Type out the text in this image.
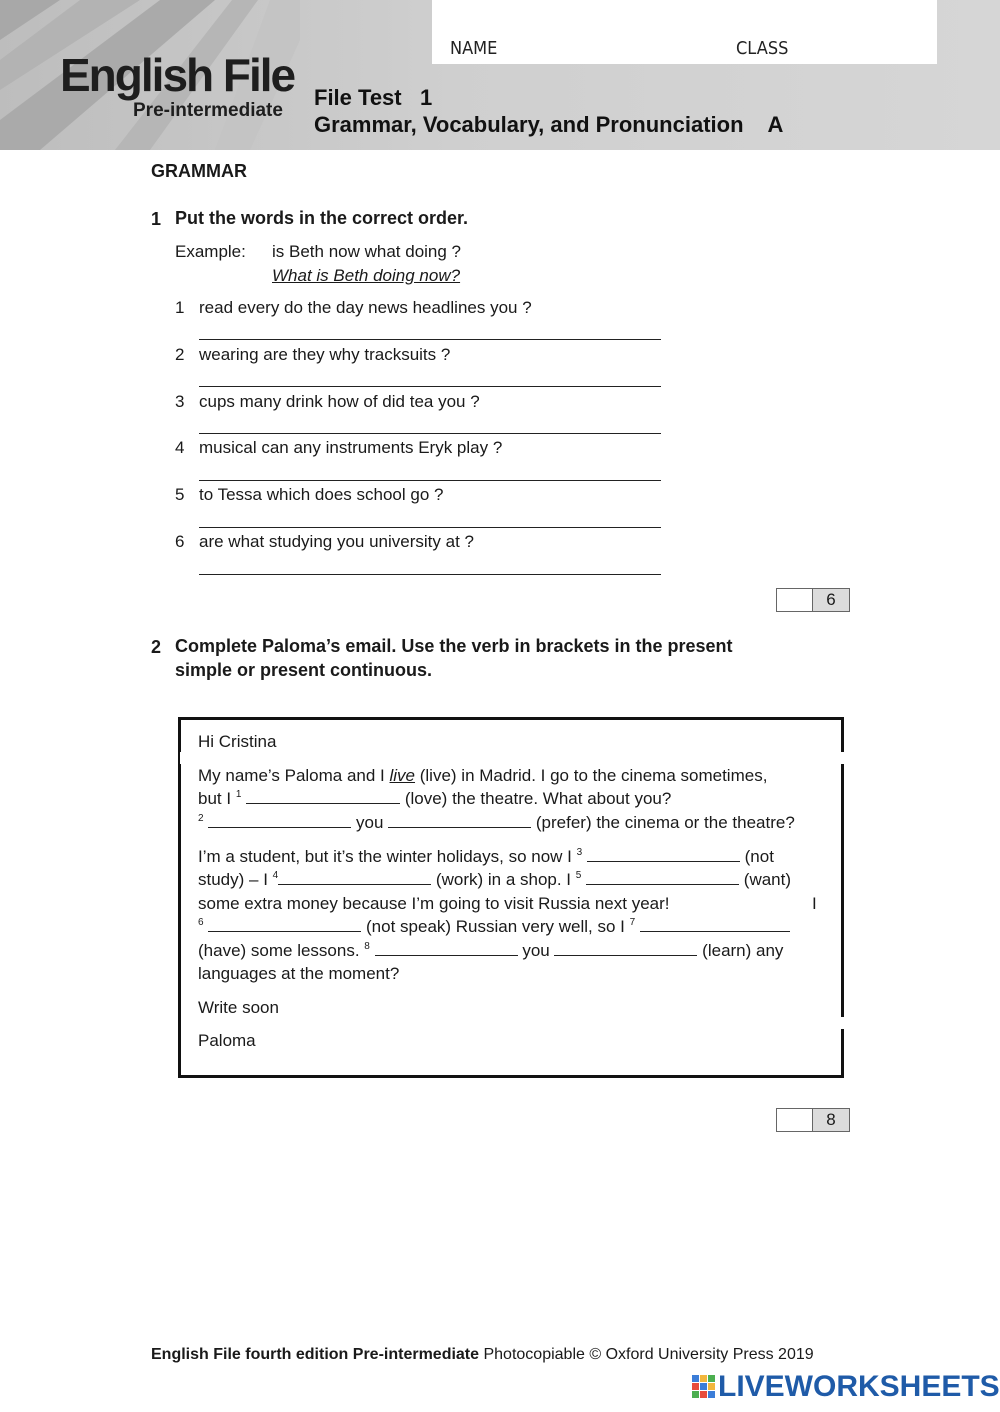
English File
Pre-intermediate
NAME	CLASS
File Test   1
Grammar, Vocabulary, and Pronunciation A
GRAMMAR
1 Put the words in the correct order.
Example: is Beth now what doing ?
What is Beth doing now?
1 read every do the day news headlines you ?
2 wearing are they why tracksuits ?
3 cups many drink how of did tea you ?
4 musical can any instruments Eryk play ?
5 to Tessa which does school go ?
6 are what studying you university at ?
6
2 Complete Paloma’s email. Use the verb in brackets in the present
simple or present continuous.
Hi Cristina
My name’s Paloma and I live (live) in Madrid. I go to the cinema sometimes,
but I $^1$	(love) the theatre. What about you?
$^2$	you	(prefer) the cinema or the theatre?
I’m a student, but it’s the winter holidays, so now I $^3$	(not
study) – I $^4$	(work) in a shop. I $^5$	(want)
some extra money because I’m going to visit Russia next year!	I
$^6$	(not speak) Russian very well, so I $^7$
(have) some lessons. $^8$	you	(learn) any
languages at the moment?
Write soon
Paloma
8
English File fourth edition Pre-intermediate Photocopiable © Oxford University Press 2019
LIVEWORKSHEETS
